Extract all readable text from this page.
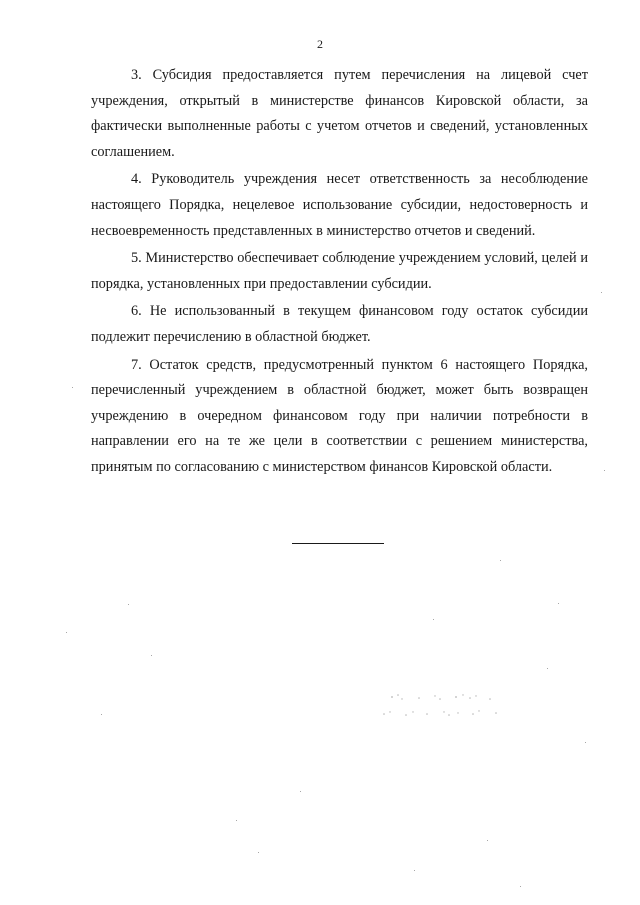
2

3. Субсидия предоставляется путем перечисления на лицевой счет учреждения, открытый в министерстве финансов Кировской области, за фактически выполненные работы с учетом отчетов и сведений, установленных соглашением.

4. Руководитель учреждения несет ответственность за несоблюдение настоящего Порядка, нецелевое использование субсидии, недостоверность и несвоевременность представленных в министерство отчетов и сведений.

5. Министерство обеспечивает соблюдение учреждением условий, целей и порядка, установленных при предоставлении субсидии.

6. Не использованный в текущем финансовом году остаток субсидии подлежит перечислению в областной бюджет.

7. Остаток средств, предусмотренный пунктом 6 настоящего Порядка, перечисленный учреждением в областной бюджет, может быть возвращен учреждению в очередном финансовом году при наличии потребности в направлении его на те же цели в соответствии с решением министерства, принятым по согласованию с министерством финансов Кировской области.
